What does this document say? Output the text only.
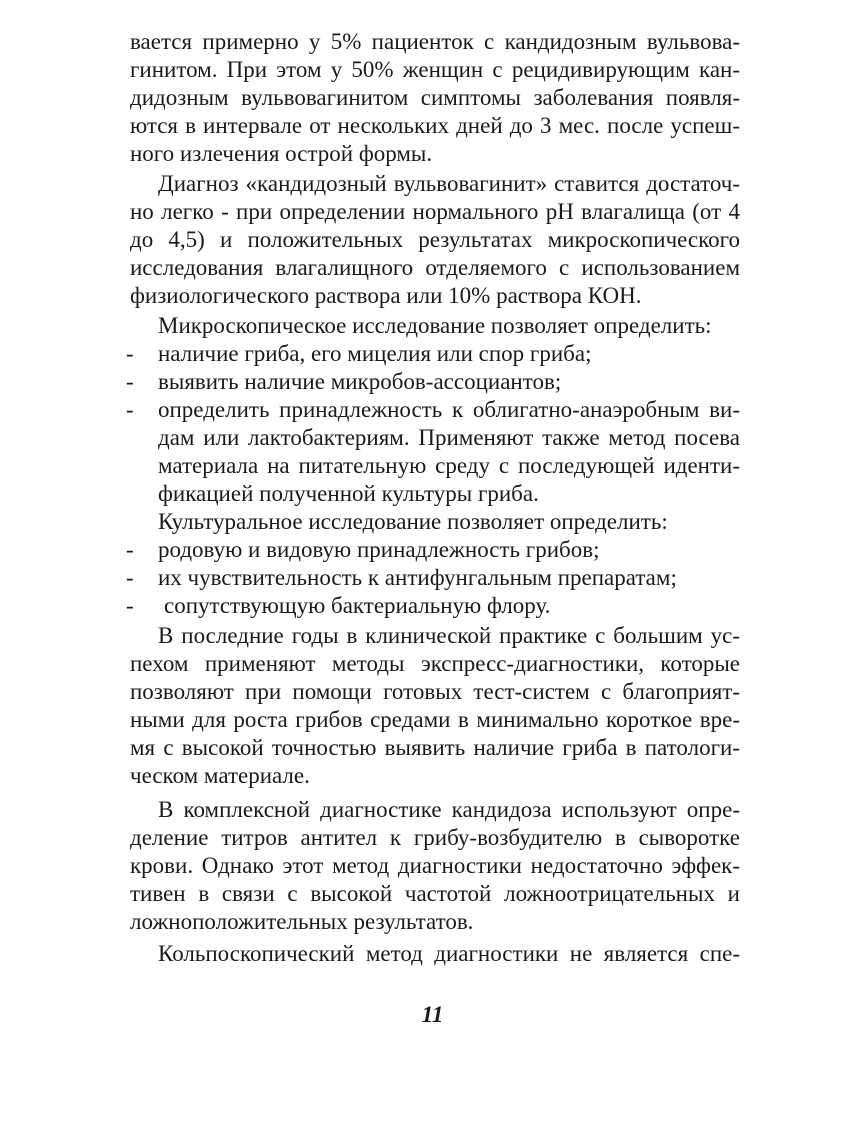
вается примерно у 5% пациенток с кандидозным вульвова-
гинитом. При этом у 50% женщин с рецидивирующим кан-
дидозным вульвовагинитом симптомы заболевания появля-
ются в интервале от нескольких дней до 3 мес. после успеш-
ного излечения острой формы.
Диагноз «кандидозный вульвовагинит» ставится достаточ-
но легко - при определении нормального pH влагалища (от 4
до 4,5) и положительных результатах микроскопического
исследования влагалищного отделяемого с использованием
физиологического раствора или 10% раствора КОН.
Микроскопическое исследование позволяет определить:
- наличие гриба, его мицелия или спор гриба;
- выявить наличие микробов-ассоциантов;
- определить принадлежность к облигатно-анаэробным ви-
дам или лактобактериям. Применяют также метод посева
материала на питательную среду с последующей иденти-
фикацией полученной культуры гриба.
Культуральное исследование позволяет определить:
- родовую и видовую принадлежность грибов;
- их чувствительность к антифунгальным препаратам;
- сопутствующую бактериальную флору.
В последние годы в клинической практике с большим ус-
пехом применяют методы экспресс-диагностики, которые
позволяют при помощи готовых тест-систем с благоприят-
ными для роста грибов средами в минимально короткое вре-
мя с высокой точностью выявить наличие гриба в патологи-
ческом материале.
В комплексной диагностике кандидоза используют опре-
деление титров антител к грибу-возбудителю в сыворотке
крови. Однако этот метод диагностики недостаточно эффек-
тивен в связи с высокой частотой ложноотрицательных и
ложноположительных результатов.
Кольпоскопический метод диагностики не является спе-
11
